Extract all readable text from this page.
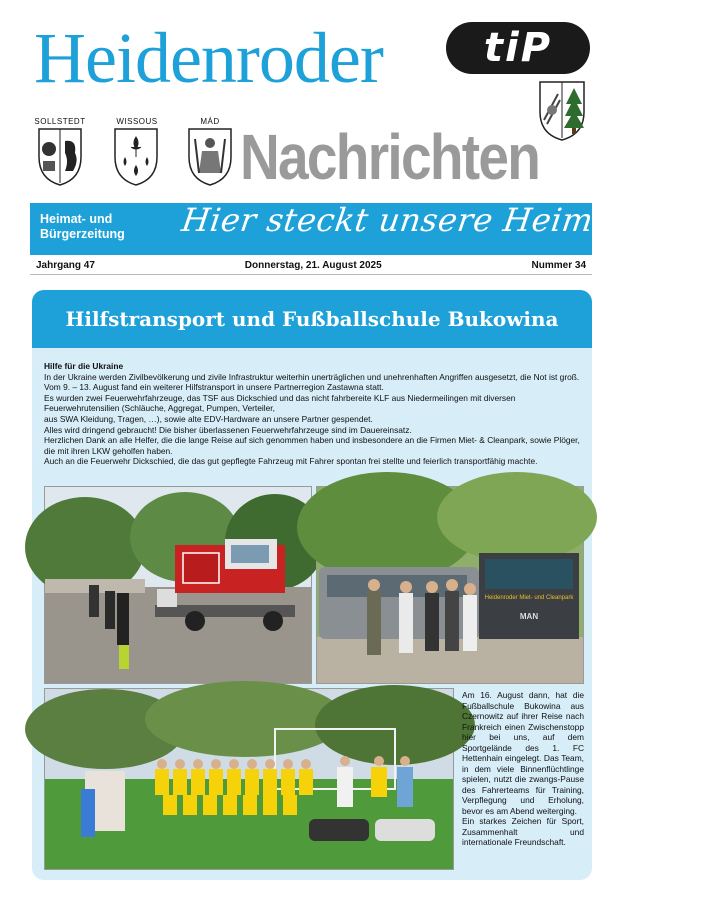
Heidenroder	tiP
SOLLSTEDT	WISSOUS	MÁD Nachrichten
Heimat- und
Bürgerzeitung	Hier steckt unsere Heimat drin!
Jahrgang 47	Donnerstag, 21. August 2025	Nummer 34
Hilfstransport und Fußballschule Bukowina

Hilfe für die Ukraine

In der Ukraine werden Zivilbevölkerung und zivile Infrastruktur weiterhin unerträglichen und unehrenhaften Angriffen ausgesetzt, die Not ist groß.

Vom 9. – 13. August fand ein weiterer Hilfstransport in unsere Partnerregion Zastawna statt.

Es wurden zwei Feuerwehrfahrzeuge, das TSF aus Dickschied und das nicht fahrbereite KLF aus Niedermeilingen mit diversen Feuerwehrutensilien (Schläuche, Aggregat, Pumpen, Verteiler,

aus SWA Kleidung, Tragen, …), sowie alte EDV-Hardware an unsere Partner gespendet.

Alles wird dringend gebraucht! Die bisher überlassenen Feuerwehrfahrzeuge sind im Dauereinsatz.

Herzlichen Dank an alle Helfer, die die lange Reise auf sich genommen haben und insbesondere an die Firmen Miet- & Cleanpark, sowie Plöger, die mit ihren LKW geholfen haben.

Auch an die Feuerwehr Dickschied, die das gut gepflegte Fahrzeug mit Fahrer spontan frei stellte und feierlich transportfähig machte.

Heidenroder Miet- und Cleanpark
MAN

Am 16. August dann, hat die Fußballschule Bukowina aus Czernowitz auf ihrer Reise nach Frankreich einen Zwischenstopp hier bei uns, auf dem Sportgelände des 1. FC Hettenhain eingelegt. Das Team, in dem viele Binnenflüchtlinge spielen, nutzt die zwangs-Pause des Fahrerteams für Training, Verpflegung und Erholung, bevor es am Abend weiterging.

Ein starkes Zeichen für Sport, Zusammenhalt und internationale Freundschaft.
